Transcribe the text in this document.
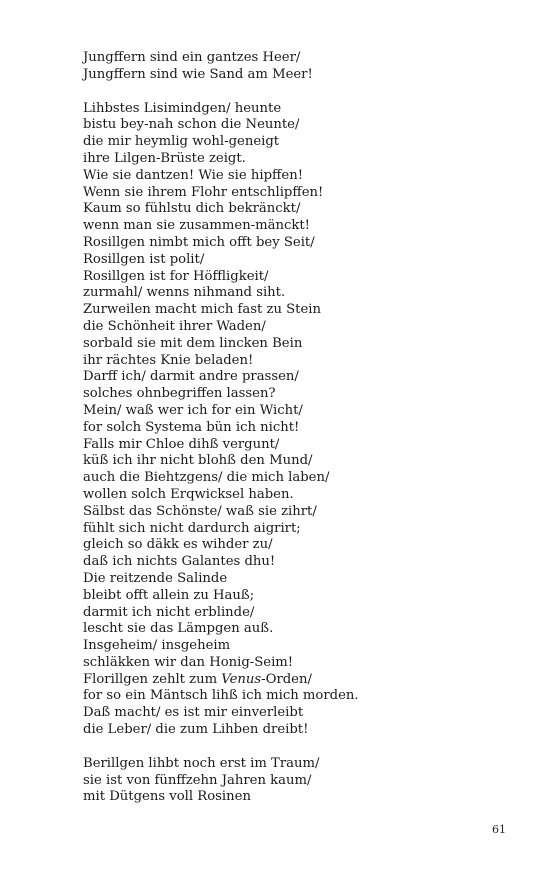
Jungffern sind ein gantzes Heer/
Jungffern sind wie Sand am Meer!
Lihbstes Lisimindgen/ heunte
bistu bey-nah schon die Neunte/
die mir heymlig wohl-geneigt
ihre Lilgen-Brüste zeigt.
Wie sie dantzen! Wie sie hipffen!
Wenn sie ihrem Flohr entschlipffen!
Kaum so fühlstu dich bekränckt/
wenn man sie zusammen-mänckt!
Rosillgen nimbt mich offt bey Seit/
Rosillgen ist polit/
Rosillgen ist for Höffligkeit/
zurmahl/ wenns nihmand siht.
Zurweilen macht mich fast zu Stein
die Schönheit ihrer Waden/
sorbald sie mit dem lincken Bein
ihr rächtes Knie beladen!
Darff ich/ darmit andre prassen/
solches ohnbegriffen lassen?
Mein/ waß wer ich for ein Wicht/
for solch Systema bün ich nicht!
Falls mir Chloe dihß vergunt/
küß ich ihr nicht blohß den Mund/
auch die Biehtzgens/ die mich laben/
wollen solch Erqwicksel haben.
Sälbst das Schönste/ waß sie zihrt/
fühlt sich nicht dardurch aigrirt;
gleich so däkk es wihder zu/
daß ich nichts Galantes dhu!
Die reitzende Salinde
bleibt offt allein zu Hauß;
darmit ich nicht erblinde/
lescht sie das Lämpgen auß.
Insgeheim/ insgeheim
schläkken wir dan Honig-Seim!
Florillgen zehlt zum Venus-Orden/
for so ein Mäntsch lihß ich mich morden.
Daß macht/ es ist mir einverleibt
die Leber/ die zum Lihben dreibt!
Berillgen lihbt noch erst im Traum/
sie ist von fünffzehn Jahren kaum/
mit Dütgens voll Rosinen
61
